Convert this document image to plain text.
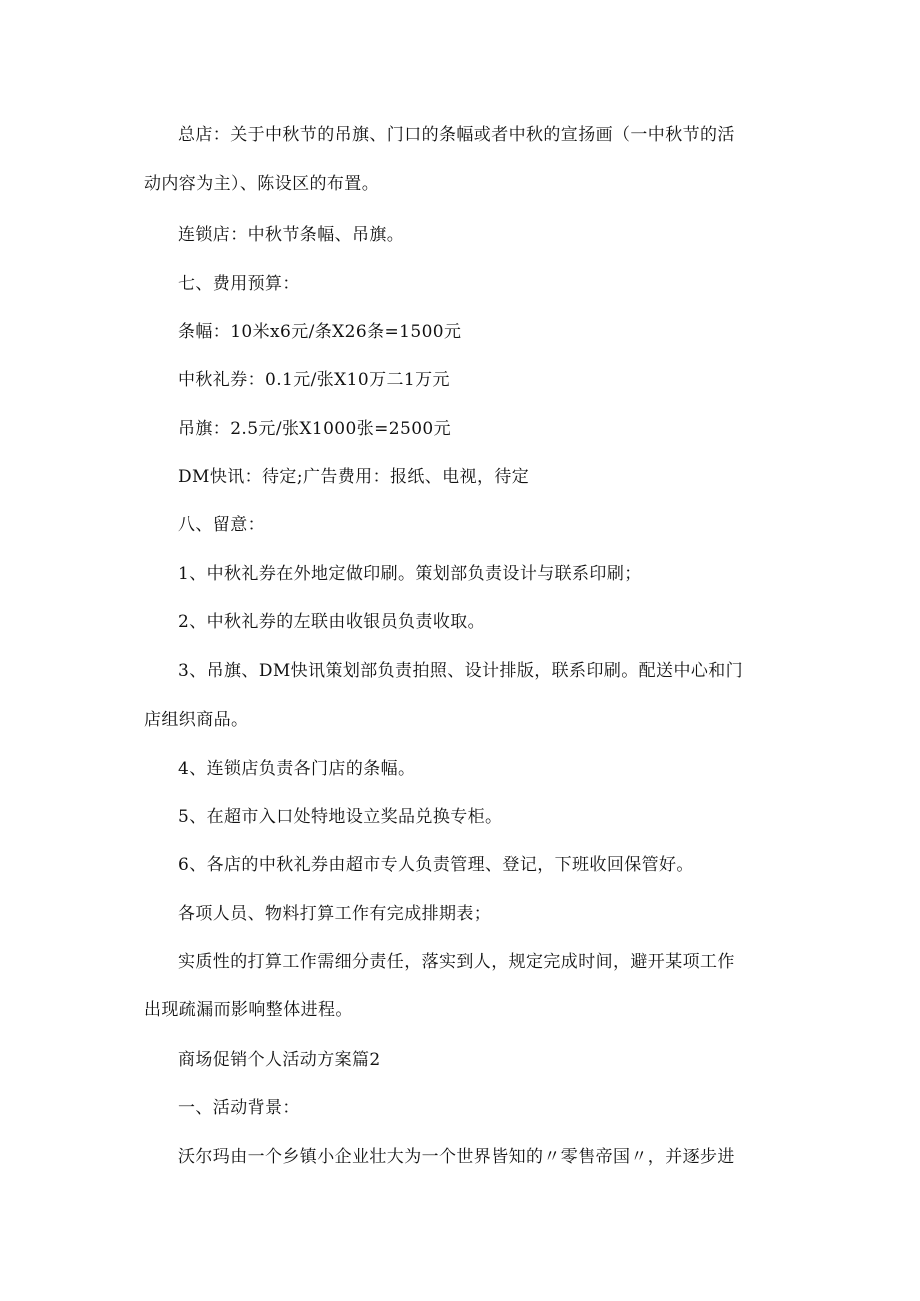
总店：关于中秋节的吊旗、门口的条幅或者中秋的宣扬画（一中秋节的活
动内容为主）、陈设区的布置。
连锁店：中秋节条幅、吊旗。
七、费用预算：
条幅：10米x6元/条X26条=1500元
中秋礼券：0.1元/张X10万二1万元
吊旗：2.5元/张X1000张=2500元
DM快讯：待定;广告费用：报纸、电视，待定
八、留意：
1、中秋礼券在外地定做印刷。策划部负责设计与联系印刷；
2、中秋礼券的左联由收银员负责收取。
3、吊旗、DM快讯策划部负责拍照、设计排版，联系印刷。配送中心和门
店组织商品。
4、连锁店负责各门店的条幅。
5、在超市入口处特地设立奖品兑换专柜。
6、各店的中秋礼券由超市专人负责管理、登记，下班收回保管好。
各项人员、物料打算工作有完成排期表；
实质性的打算工作需细分责任，落实到人，规定完成时间，避开某项工作
出现疏漏而影响整体进程。
商场促销个人活动方案篇2
一、活动背景：
沃尔玛由一个乡镇小企业壮大为一个世界皆知的〃零售帝国〃，并逐步进
